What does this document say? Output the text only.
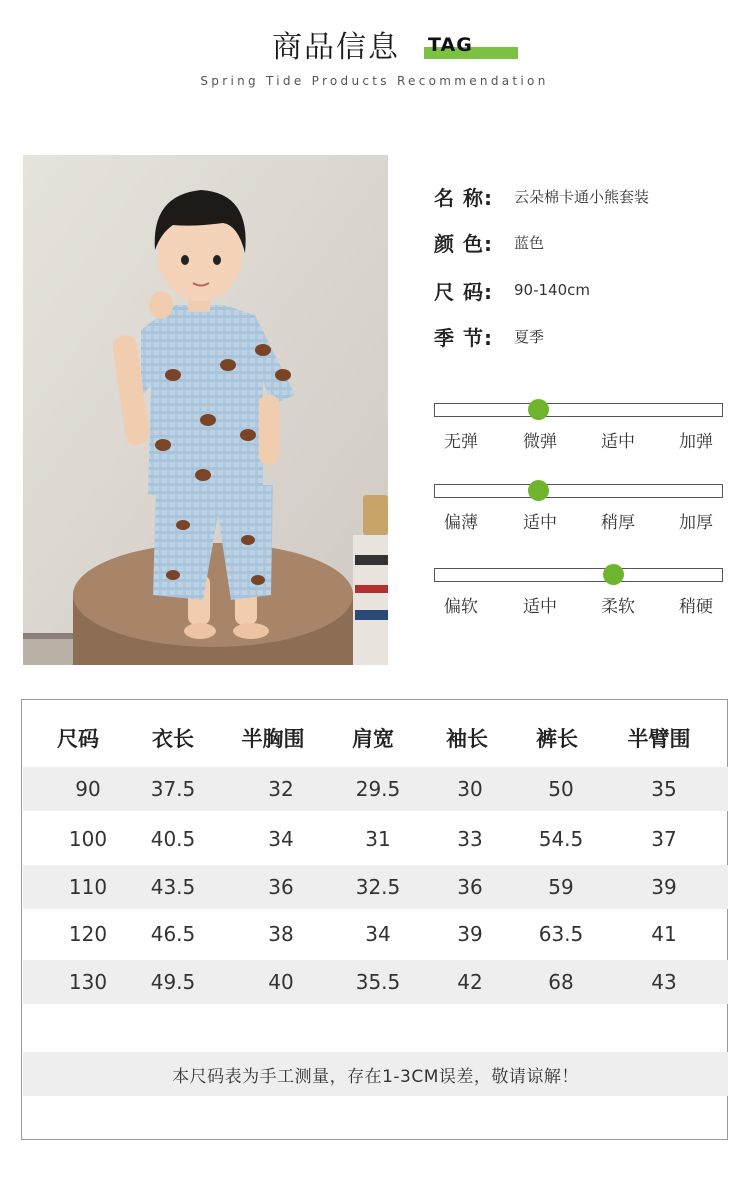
商品信息 TAG
Spring Tide Products Recommendation
名 称:	云朵棉卡通小熊套装
颜 色:	蓝色
尺 码:	90-140cm
季 节:	夏季
无弹	微弹	适中	加弹
偏薄	适中	稍厚	加厚
偏软	适中	柔软	稍硬
尺码	衣长	半胸围	肩宽	袖长	裤长	半臂围
90	37.5	32	29.5	30	50	35
100	40.5	34	31	33	54.5	37
110	43.5	36	32.5	36	59	39
120	46.5	38	34	39	63.5	41
130	49.5	40	35.5	42	68	43
本尺码表为手工测量，存在1-3CM误差，敬请谅解！
